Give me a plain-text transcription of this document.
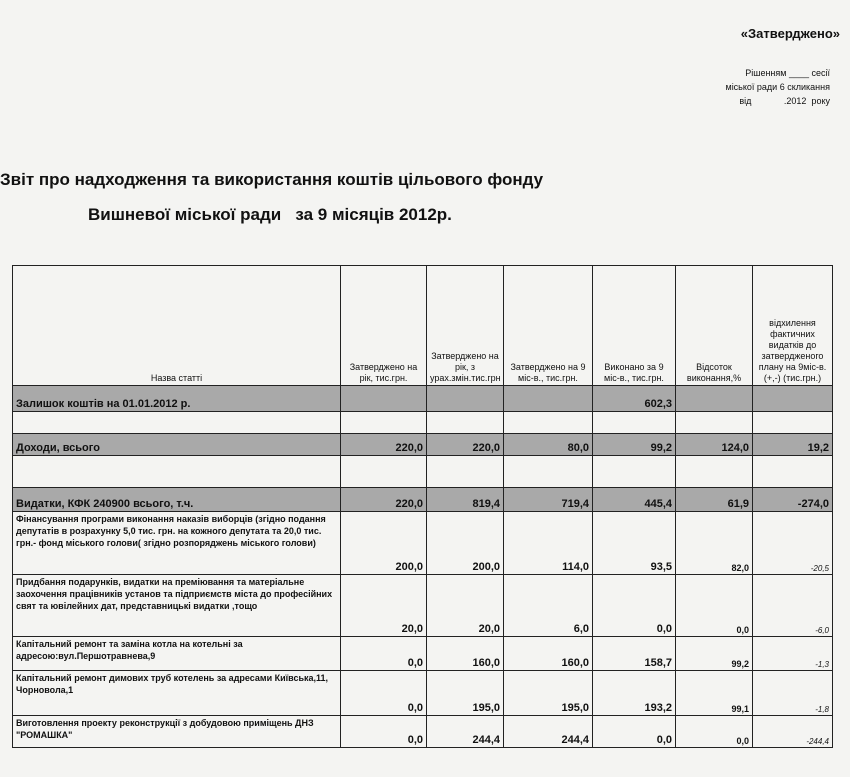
«Затверджено»
Рішенням ____ сесії
міської ради 6 скликання
від             .2012  року
Звіт про надходження та використання коштів цільового фонду
Вишневої міської ради   за 9 місяців 2012р.
Назва статті	Затверджено на рік, тис.грн.	Затверджено на рік, з урах.змін.тис.грн	Затверджено на 9 міс-в., тис.грн.	Виконано за 9 міс-в., тис.грн.	Відсоток виконання,%	відхилення фактичних видатків до затвердженого плану на 9міс-в. (+,-) (тис.грн.)
Залишок коштів на 01.01.2012 р.				602,3		

Доходи, всього	220,0	220,0	80,0	99,2	124,0	19,2

Видатки, КФК 240900 всього, т.ч.	220,0	819,4	719,4	445,4	61,9	-274,0
Фінансування програми виконання наказів виборців (згідно подання депутатів в розрахунку 5,0 тис. грн. на кожного депутата та 20,0 тис. грн.- фонд міського голови( згідно розпоряджень міського голови)	200,0	200,0	114,0	93,5	82,0	-20,5
Придбання подарунків, видатки на преміювання та матеріальне заохочення працівників установ та підприємств міста до професійних свят та ювілейних дат, представницькі видатки ,тощо	20,0	20,0	6,0	0,0	0,0	-6,0
Капітальний ремонт та заміна котла на котельні за адресою:вул.Першотравнева,9	0,0	160,0	160,0	158,7	99,2	-1,3
Капітальний ремонт димових труб котелень за адресами Київська,11, Чорновола,1	0,0	195,0	195,0	193,2	99,1	-1,8
Виготовлення проекту реконструкції з добудовою приміщень ДНЗ "РОМАШКА"	0,0	244,4	244,4	0,0	0,0	-244,4
